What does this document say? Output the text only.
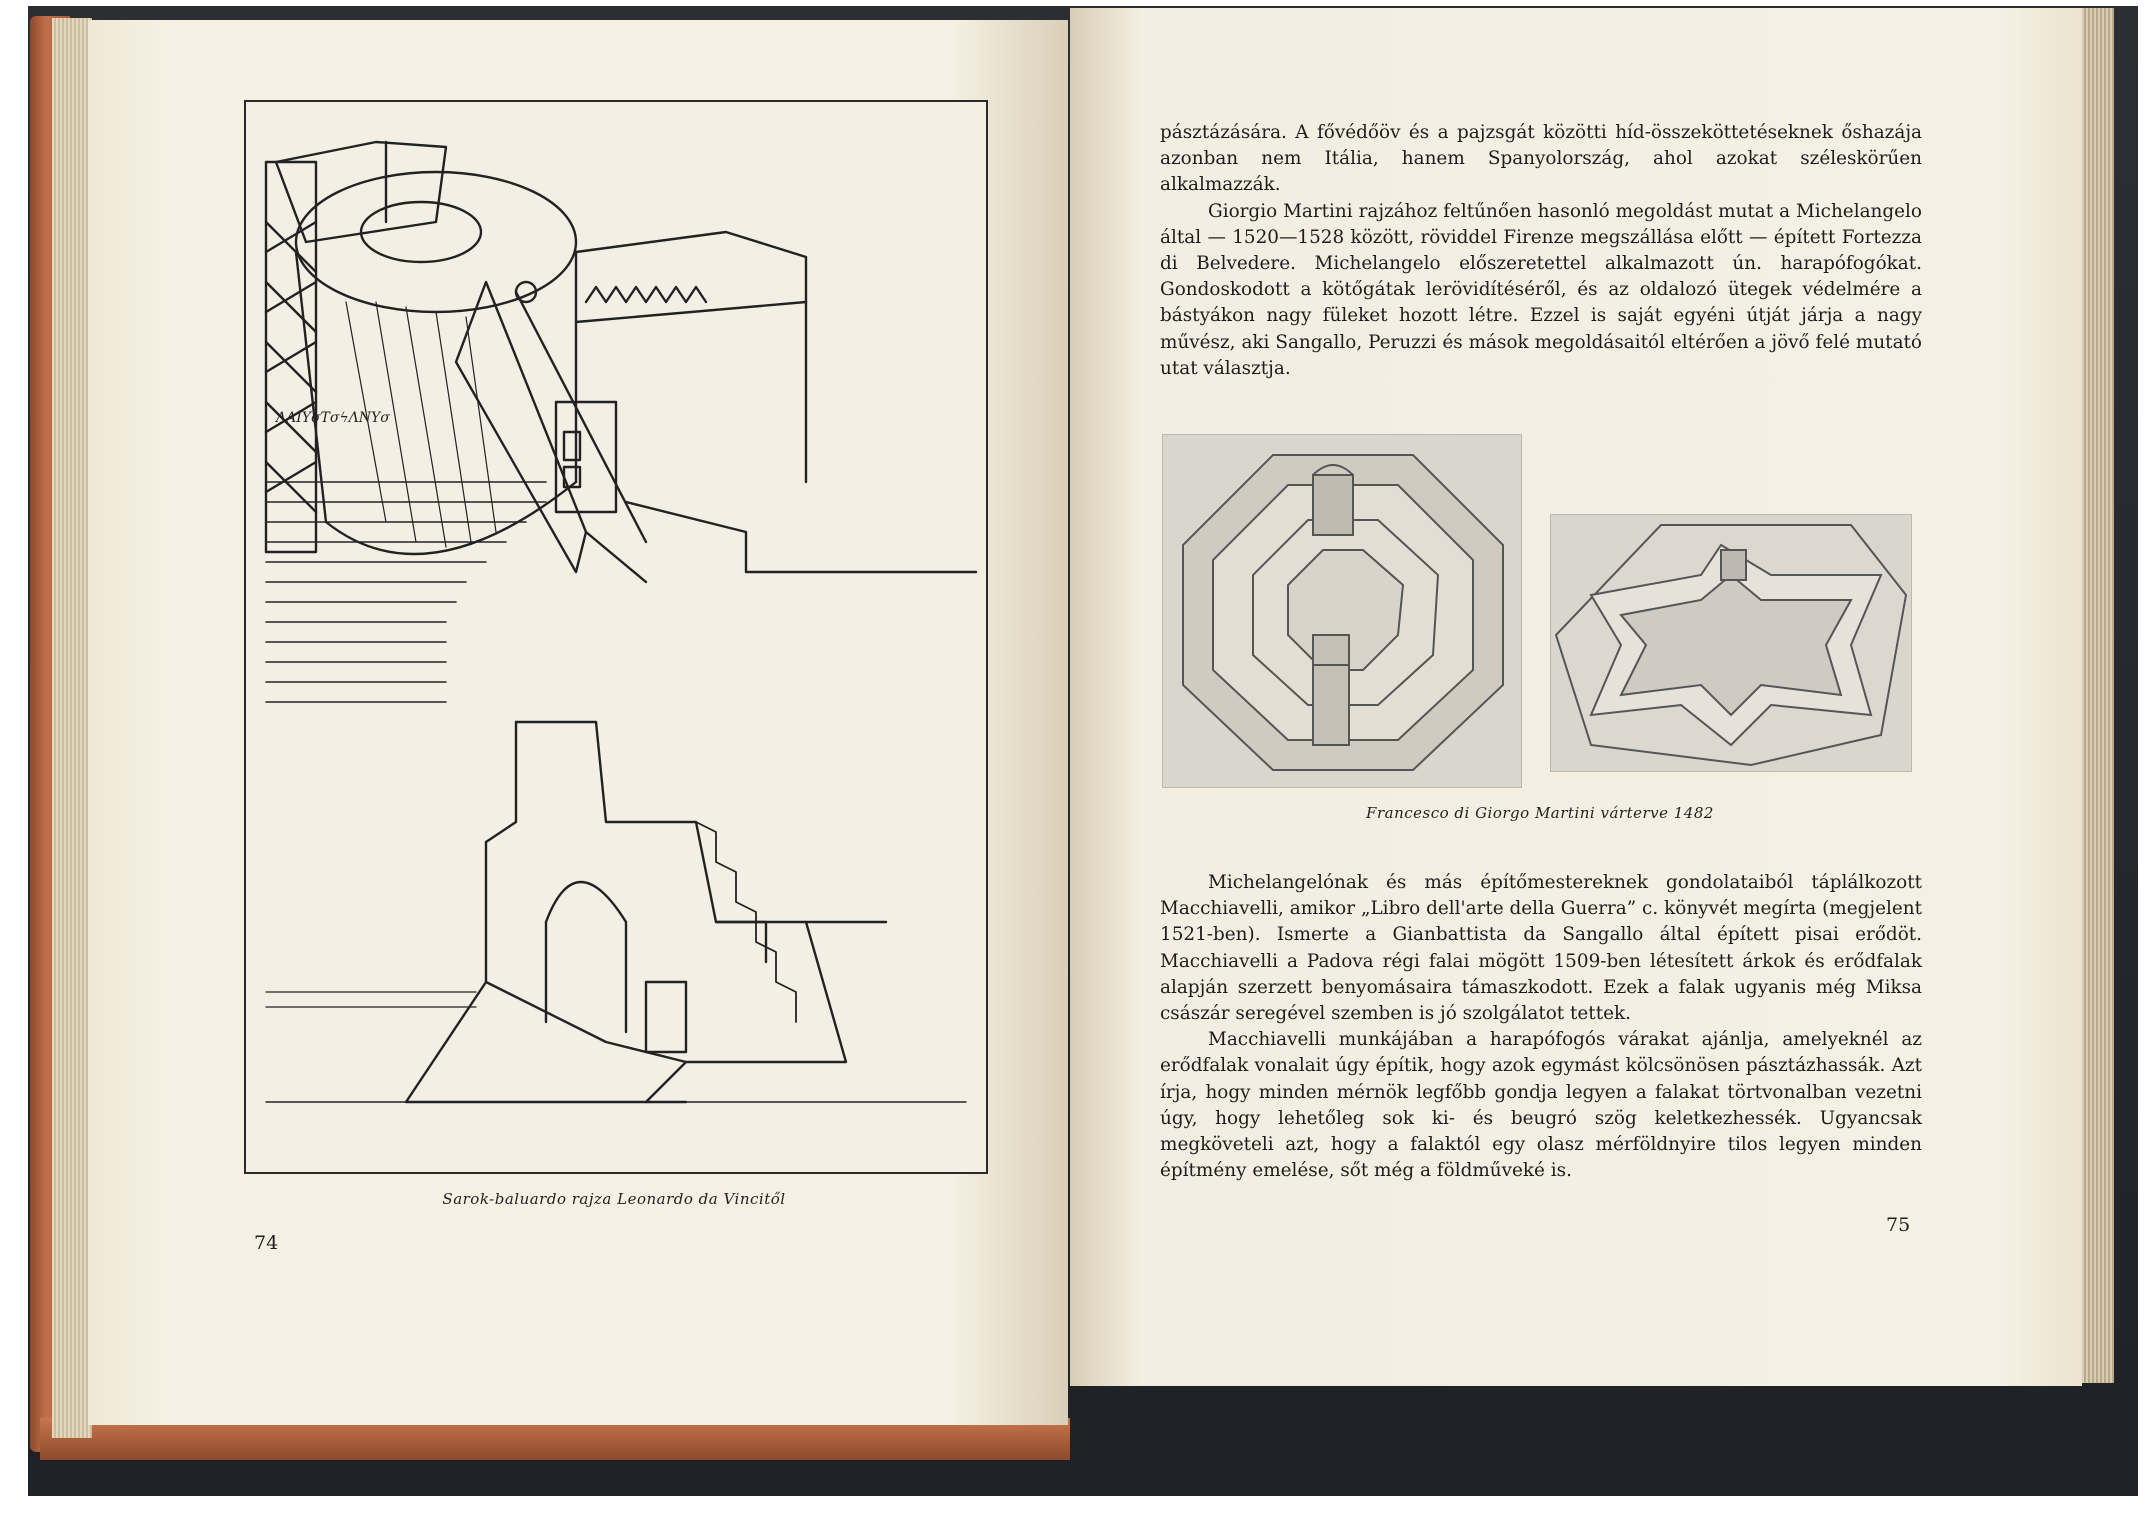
ΛΑΙΥσΤσϟΛΝΥσ
Sarok-baluardo rajza Leonardo da Vincitől
74

pásztázására. A fővédőöv és a pajzsgát közötti híd-összeköttetéseknek őshazája azonban nem Itália, hanem Spanyolország, ahol azokat széleskörűen alkalmazzák.

Giorgio Martini rajzához feltűnően hasonló megoldást mutat a Michelangelo által — 1520—1528 között, röviddel Firenze megszállása előtt — épített Fortezza di Belvedere. Michelangelo előszeretettel alkalmazott ún. harapófogókat. Gondoskodott a kötőgátak lerövidítéséről, és az oldalozó ütegek védelmére a bástyákon nagy füleket hozott létre. Ezzel is saját egyéni útját járja a nagy művész, aki Sangallo, Peruzzi és mások megoldásaitól eltérően a jövő felé mutató utat választja.

Francesco di Giorgo Martini várterve 1482

Michelangelónak és más építőmestereknek gondolataiból táplálkozott Macchiavelli, amikor „Libro dell'arte della Guerra” c. könyvét megírta (megjelent 1521-ben). Ismerte a Gianbattista da Sangallo által épített pisai erődöt. Macchiavelli a Padova régi falai mögött 1509-ben létesített árkok és erődfalak alapján szerzett benyomásaira támaszkodott. Ezek a falak ugyanis még Miksa császár seregével szemben is jó szolgálatot tettek.

Macchiavelli munkájában a harapófogós várakat ajánlja, amelyeknél az erődfalak vonalait úgy építik, hogy azok egymást kölcsönösen pásztázhassák. Azt írja, hogy minden mérnök legfőbb gondja legyen a falakat törtvonalban vezetni úgy, hogy lehetőleg sok ki- és beugró szög keletkezhessék. Ugyancsak megköveteli azt, hogy a falaktól egy olasz mérföldnyire tilos legyen minden építmény emelése, sőt még a földműveké is.

75
